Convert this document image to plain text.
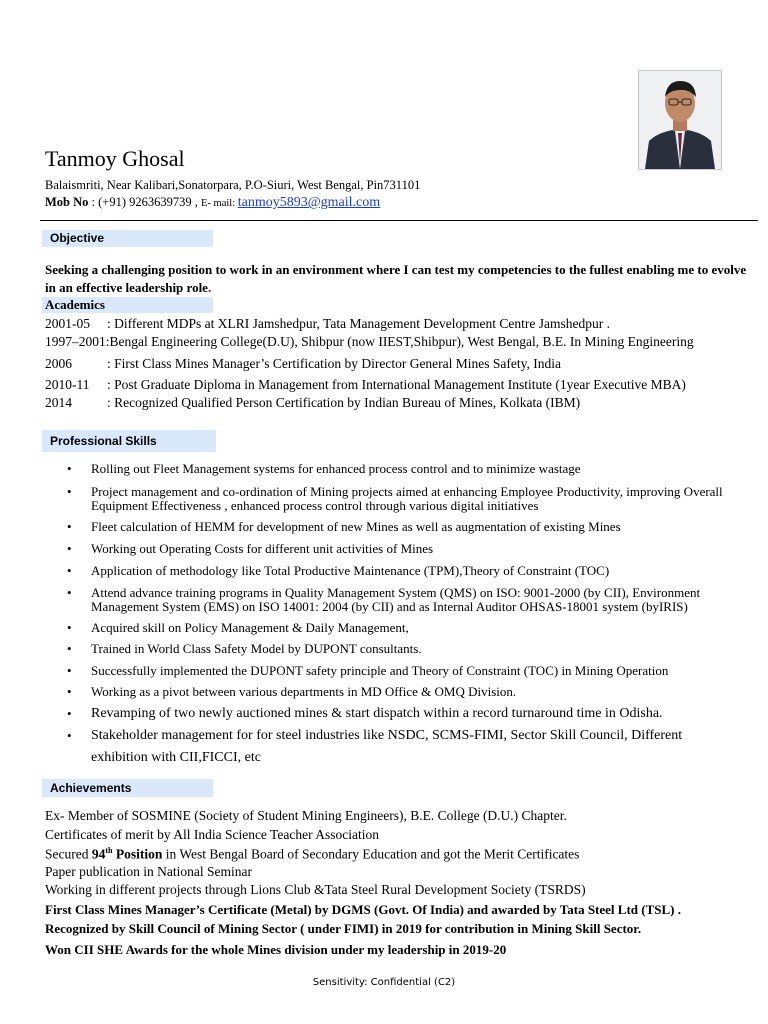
Tanmoy Ghosal
Balaismriti, Near Kalibari,Sonatorpara, P.O-Siuri, West Bengal, Pin731101
Mob No : (+91) 9263639739 , E- mail: tanmoy5893@gmail.com
Objective
Seeking a challenging position to work in an environment where I can test my competencies to the fullest enabling me to evolve in an effective leadership role.
Academics
2001-05 : Different MDPs at XLRI Jamshedpur, Tata Management Development Centre Jamshedpur .
1997–2001:Bengal Engineering College(D.U), Shibpur (now IIEST,Shibpur), West Bengal, B.E. In Mining Engineering
2006	: First Class Mines Manager’s Certification by Director General Mines Safety, India
2010-11 : Post Graduate Diploma in Management from International Management Institute (1year Executive MBA)
2014	: Recognized Qualified Person Certification by Indian Bureau of Mines, Kolkata (IBM)
Professional Skills
• Rolling out Fleet Management systems for enhanced process control and to minimize wastage
• Project management and co-ordination of Mining projects aimed at enhancing Employee Productivity, improving Overall Equipment Effectiveness , enhanced process control through various digital initiatives
• Fleet calculation of HEMM for development of new Mines as well as augmentation of existing Mines
• Working out Operating Costs for different unit activities of Mines
• Application of methodology like Total Productive Maintenance (TPM),Theory of Constraint (TOC)
• Attend advance training programs in Quality Management System (QMS) on ISO: 9001-2000 (by CII), Environment Management System (EMS) on ISO 14001: 2004 (by CII) and as Internal Auditor OHSAS-18001 system (byIRIS)
• Acquired skill on Policy Management & Daily Management,
• Trained in World Class Safety Model by DUPONT consultants.
• Successfully implemented the DUPONT safety principle and Theory of Constraint (TOC) in Mining Operation
• Working as a pivot between various departments in MD Office & OMQ Division.
• Revamping of two newly auctioned mines & start dispatch within a record turnaround time in Odisha.
• Stakeholder management for for steel industries like NSDC, SCMS-FIMI, Sector Skill Council, Different exhibition with CII,FICCI, etc
Achievements
Ex- Member of SOSMINE (Society of Student Mining Engineers), B.E. College (D.U.) Chapter.
Certificates of merit by All India Science Teacher Association
Secured 94th Position in West Bengal Board of Secondary Education and got the Merit Certificates
Paper publication in National Seminar
Working in different projects through Lions Club &Tata Steel Rural Development Society (TSRDS)
First Class Mines Manager’s Certificate (Metal) by DGMS (Govt. Of India) and awarded by Tata Steel Ltd (TSL) .
Recognized by Skill Council of Mining Sector ( under FIMI) in 2019 for contribution in Mining Skill Sector.
Won CII SHE Awards for the whole Mines division under my leadership in 2019-20
Sensitivity: Confidential (C2)
